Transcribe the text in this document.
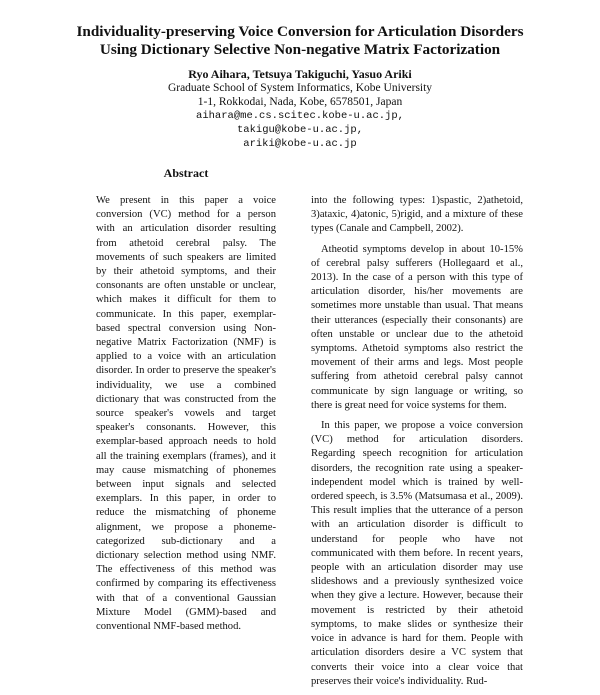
Individuality-preserving Voice Conversion for Articulation Disorders
Using Dictionary Selective Non-negative Matrix Factorization
Ryo Aihara, Tetsuya Takiguchi, Yasuo Ariki
Graduate School of System Informatics, Kobe University
1-1, Rokkodai, Nada, Kobe, 6578501, Japan
aihara@me.cs.scitec.kobe-u.ac.jp,
takigu@kobe-u.ac.jp,
ariki@kobe-u.ac.jp
Abstract

We present in this paper a voice conversion (VC) method for a person with an articulation disorder resulting from athetoid cerebral palsy. The movements of such speakers are limited by their athetoid symptoms, and their consonants are often unstable or unclear, which makes it difficult for them to communicate. In this paper, exemplar-based spectral conversion using Non-negative Matrix Factorization (NMF) is applied to a voice with an articulation disorder. In order to preserve the speaker's individuality, we use a combined dictionary that was constructed from the source speaker's vowels and target speaker's consonants. However, this exemplar-based approach needs to hold all the training exemplars (frames), and it may cause mismatching of phonemes between input signals and selected exemplars. In this paper, in order to reduce the mismatching of phoneme alignment, we propose a phoneme-categorized sub-dictionary and a dictionary selection method using NMF. The effectiveness of this method was confirmed by comparing its effectiveness with that of a conventional Gaussian Mixture Model (GMM)-based and conventional NMF-based method.

into the following types: 1)spastic, 2)athetoid, 3)ataxic, 4)atonic, 5)rigid, and a mixture of these types (Canale and Campbell, 2002).

Atheotid symptoms develop in about 10-15% of cerebral palsy sufferers (Hollegaard et al., 2013). In the case of a person with this type of articulation disorder, his/her movements are sometimes more unstable than usual. That means their utterances (especially their consonants) are often unstable or unclear due to the athetoid symptoms. Athetoid symptoms also restrict the movement of their arms and legs. Most people suffering from athetoid cerebral palsy cannot communicate by sign language or writing, so there is great need for voice systems for them.

In this paper, we propose a voice conversion (VC) method for articulation disorders. Regarding speech recognition for articulation disorders, the recognition rate using a speaker-independent model which is trained by well-ordered speech, is 3.5% (Matsumasa et al., 2009). This result implies that the utterance of a person with an articulation disorder is difficult to understand for people who have not communicated with them before. In recent years, people with an articulation disorder may use slideshows and a previously synthesized voice when they give a lecture. However, because their movement is restricted by their athetoid symptoms, to make slides or synthesize their voice in advance is hard for them. People with articulation disorders desire a VC system that converts their voice into a clear voice that preserves their voice's individuality. Rud-
